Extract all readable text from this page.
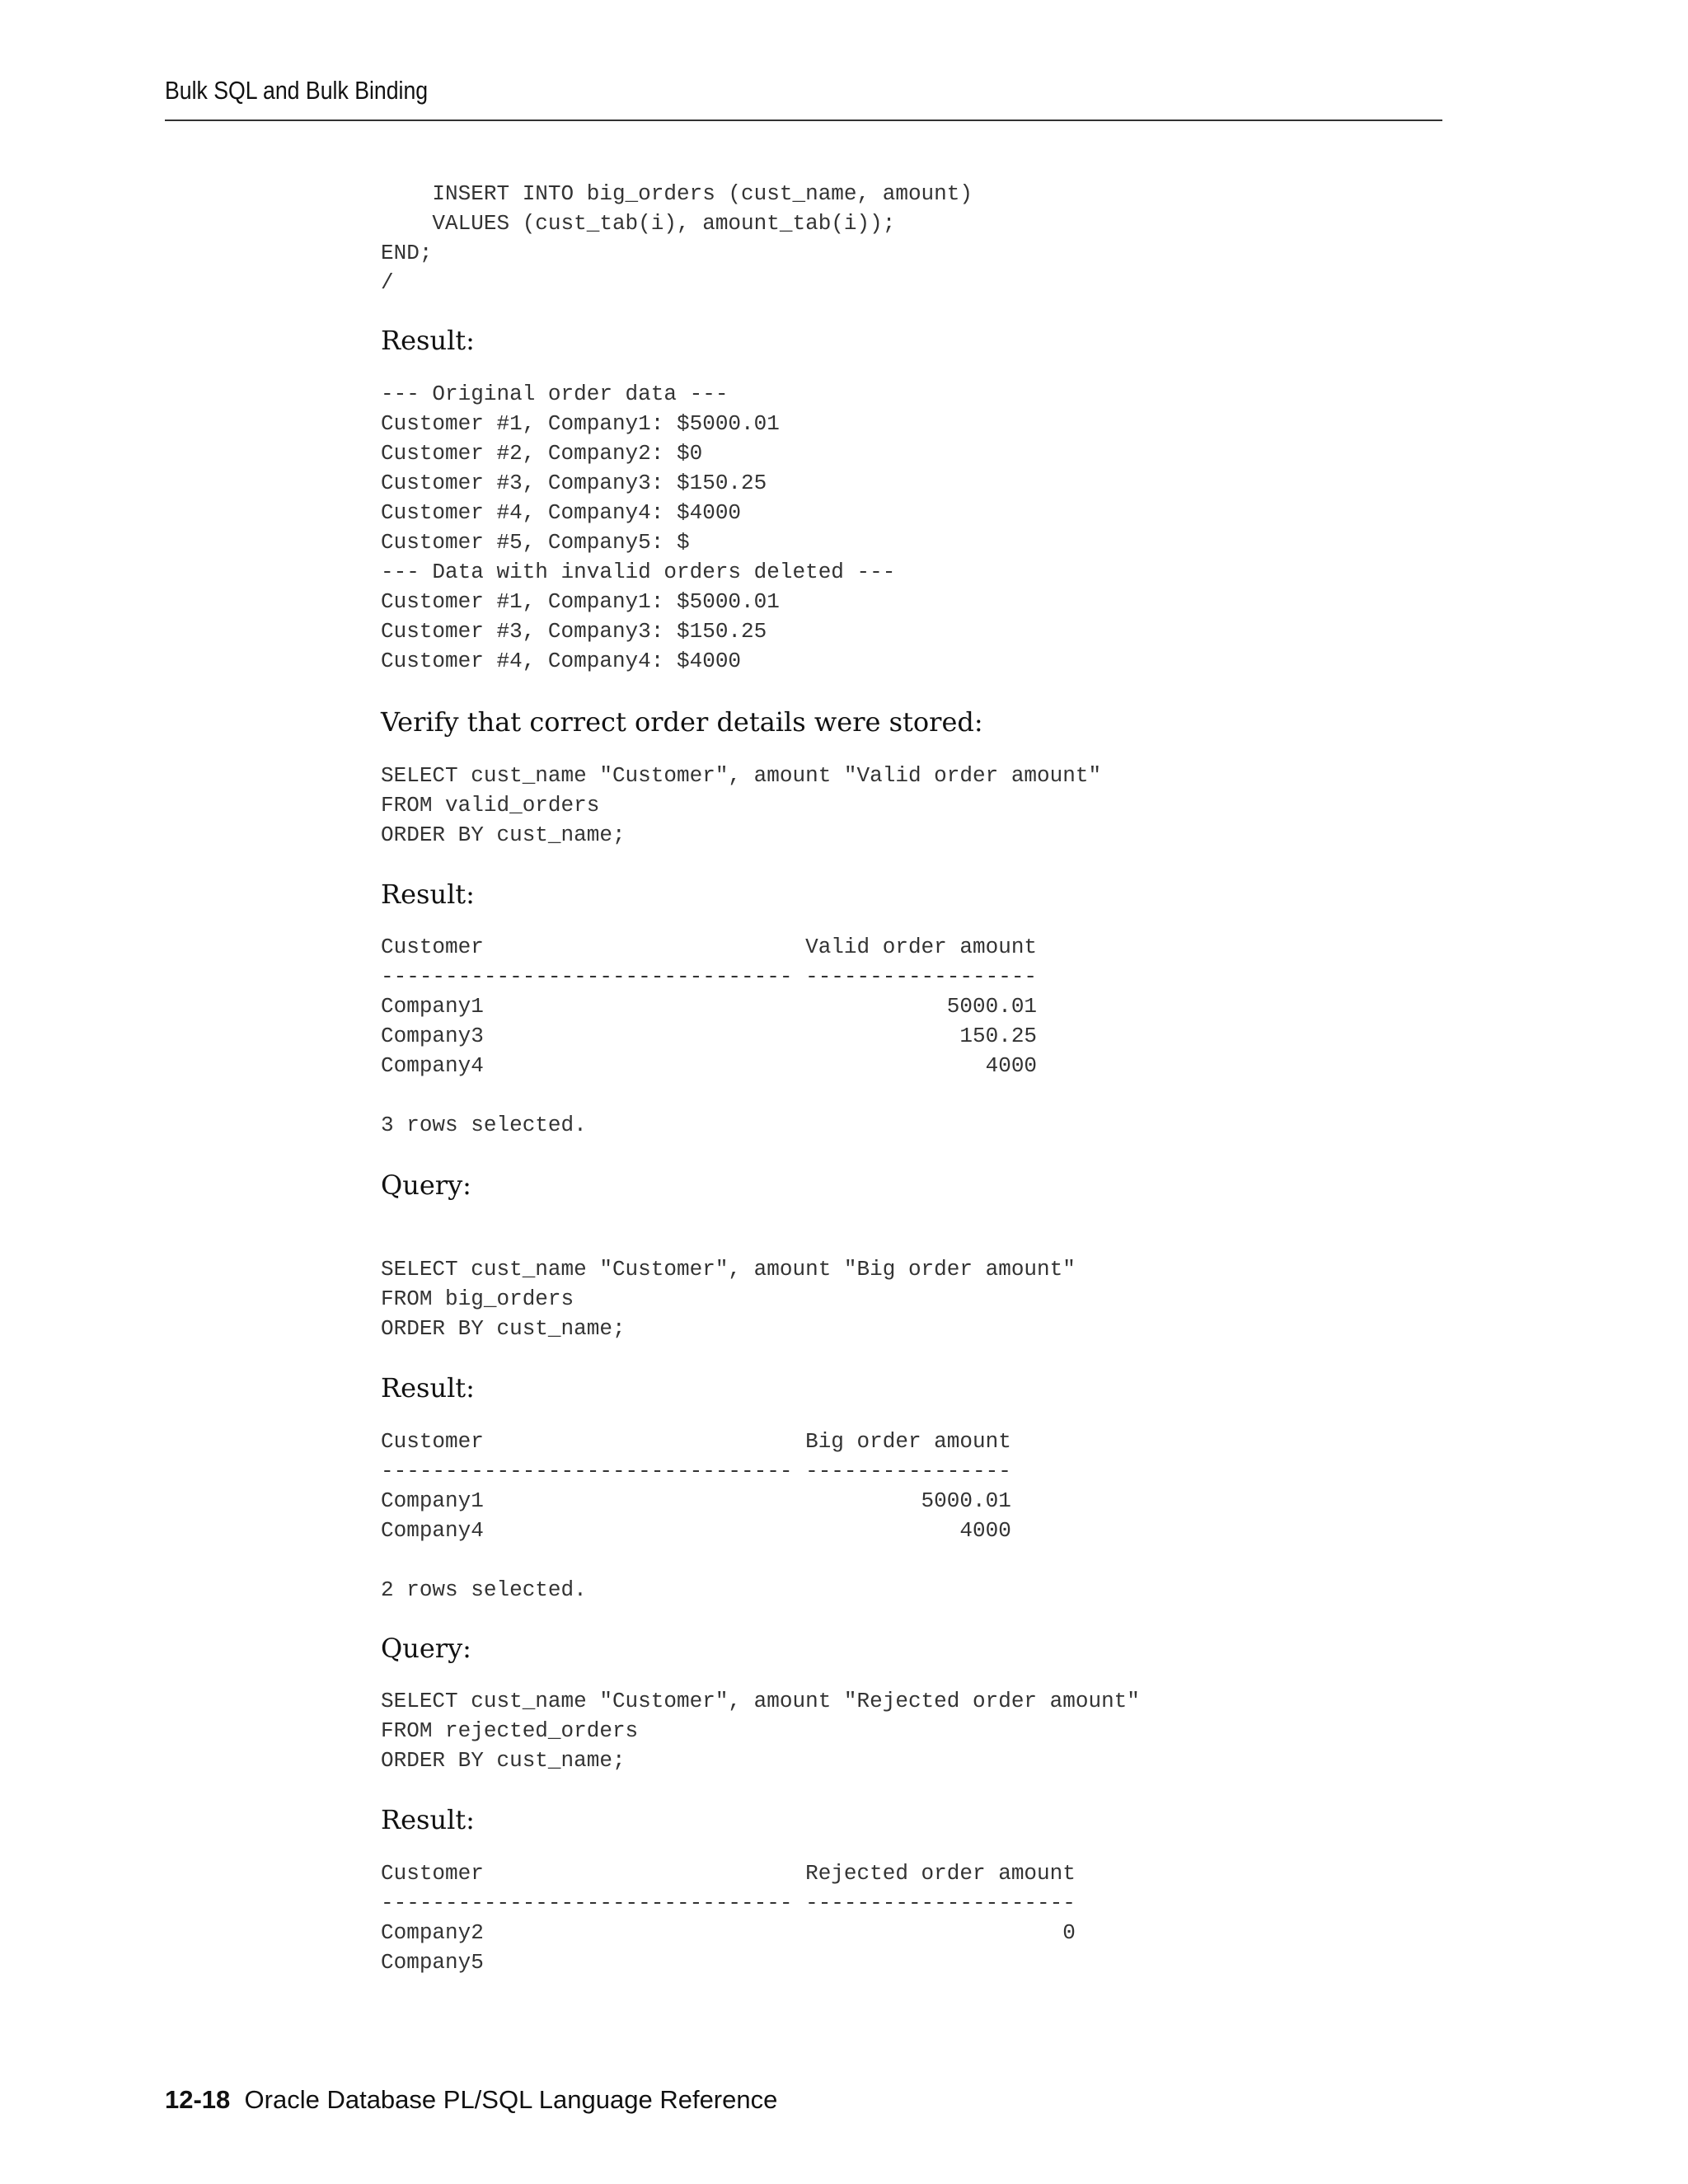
Bulk SQL and Bulk Binding
INSERT INTO big_orders (cust_name, amount)
VALUES (cust_tab(i), amount_tab(i));
END;
/

Result:

--- Original order data ---
Customer #1, Company1: $5000.01
Customer #2, Company2: $0
Customer #3, Company3: $150.25
Customer #4, Company4: $4000
Customer #5, Company5: $
--- Data with invalid orders deleted ---
Customer #1, Company1: $5000.01
Customer #3, Company3: $150.25
Customer #4, Company4: $4000

Verify that correct order details were stored:

SELECT cust_name "Customer", amount "Valid order amount"
FROM valid_orders
ORDER BY cust_name;

Result:

Customer                         Valid order amount
-------------------------------- ------------------
Company1                                    5000.01
Company3                                     150.25
Company4                                       4000

3 rows selected.

Query:

SELECT cust_name "Customer", amount "Big order amount"
FROM big_orders
ORDER BY cust_name;

Result:

Customer                         Big order amount
-------------------------------- ----------------
Company1                                  5000.01
Company4                                     4000

2 rows selected.

Query:

SELECT cust_name "Customer", amount "Rejected order amount"
FROM rejected_orders
ORDER BY cust_name;

Result:

Customer                         Rejected order amount
-------------------------------- ---------------------
Company2                                             0
Company5
12-18 Oracle Database PL/SQL Language Reference
